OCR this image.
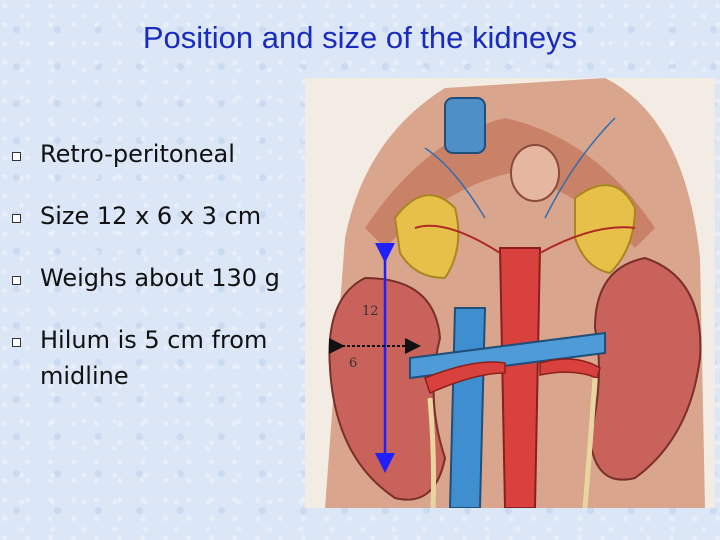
Position and size of the kidneys
Retro-peritoneal
Size 12 x 6 x 3 cm
Weighs about 130 g
Hilum is 5 cm from midline
12
6
